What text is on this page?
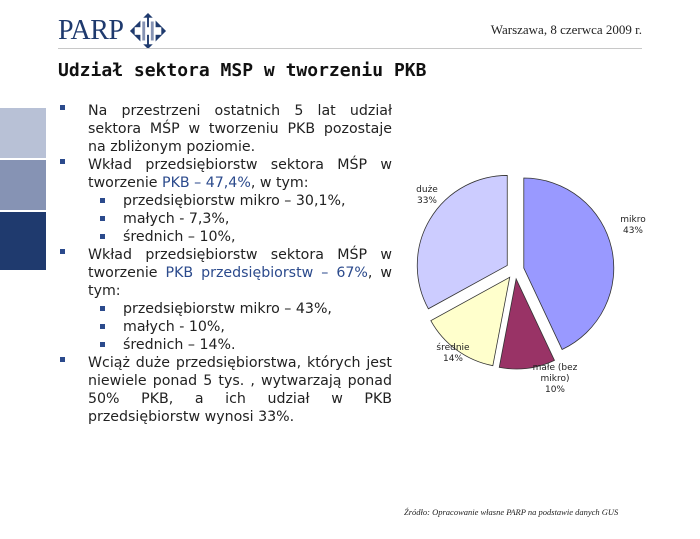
PARP	Warszawa, 8 czerwca 2009 r.
Udział sektora MSP w tworzeniu PKB
Na przestrzeni ostatnich 5 lat udział sektora MŚP w tworzeniu PKB pozostaje na zbliżonym poziomie.
Wkład przedsiębiorstw sektora MŚP w tworzenie PKB – 47,4%, w tym:
przedsiębiorstw mikro – 30,1%,
małych - 7,3%,
średnich – 10%,
Wkład przedsiębiorstw sektora MŚP w tworzenie PKB przedsiębiorstw – 67%, w tym:
przedsiębiorstw mikro – 43%,
małych - 10%,
średnich – 14%.
Wciąż duże przedsiębiorstwa, których jest niewiele ponad 5 tys. , wytwarzają ponad 50% PKB, a ich udział w PKB przedsiębiorstw wynosi 33%.
mikro 43%
małe (bez mikro) 10%
średnie 14%
duże 33%
Źródło: Opracowanie własne PARP na podstawie danych GUS
